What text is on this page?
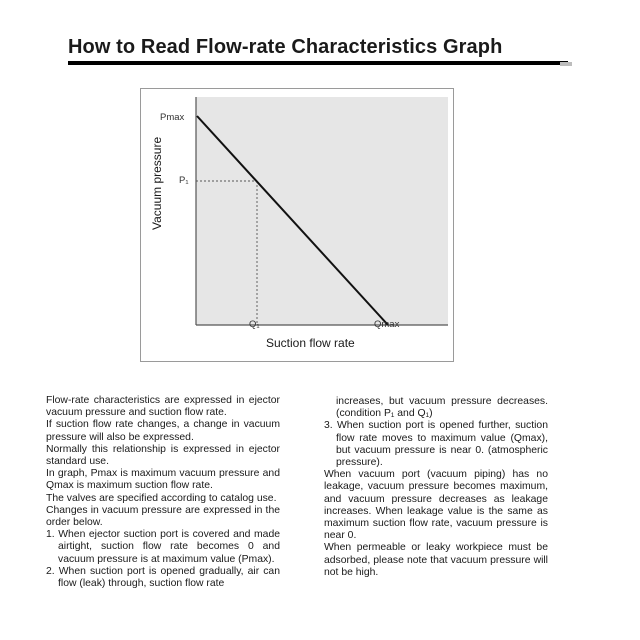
How to Read Flow-rate Characteristics Graph
Pmax
P₁
Q₁	Qmax
Suction flow rate

Flow-rate characteristics are expressed in ejector vacuum pressure and suction flow rate.

If suction flow rate changes, a change in vacuum pressure will also be expressed.

Normally this relationship is expressed in ejector standard use.

In graph, Pmax is maximum vacuum pressure and Qmax is maximum suction flow rate.

The valves are specified according to catalog use.

Changes in vacuum pressure are expressed in the order below.

1. When ejector suction port is covered and made airtight, suction flow rate becomes 0 and vacuum pressure is at maximum value (Pmax).

2. When suction port is opened gradually, air can flow (leak) through, suction flow rate

increases, but vacuum pressure decreases. (condition P₁ and Q₁)

3. When suction port is opened further, suction flow rate moves to maximum value (Qmax), but vacuum pressure is near 0. (atmospheric pressure).

When vacuum port (vacuum piping) has no leakage, vacuum pressure becomes maximum, and vacuum pressure decreases as leakage increases. When leakage value is the same as maximum suction flow rate, vacuum pressure is near 0.

When permeable or leaky workpiece must be adsorbed, please note that vacuum pressure will not be high.
